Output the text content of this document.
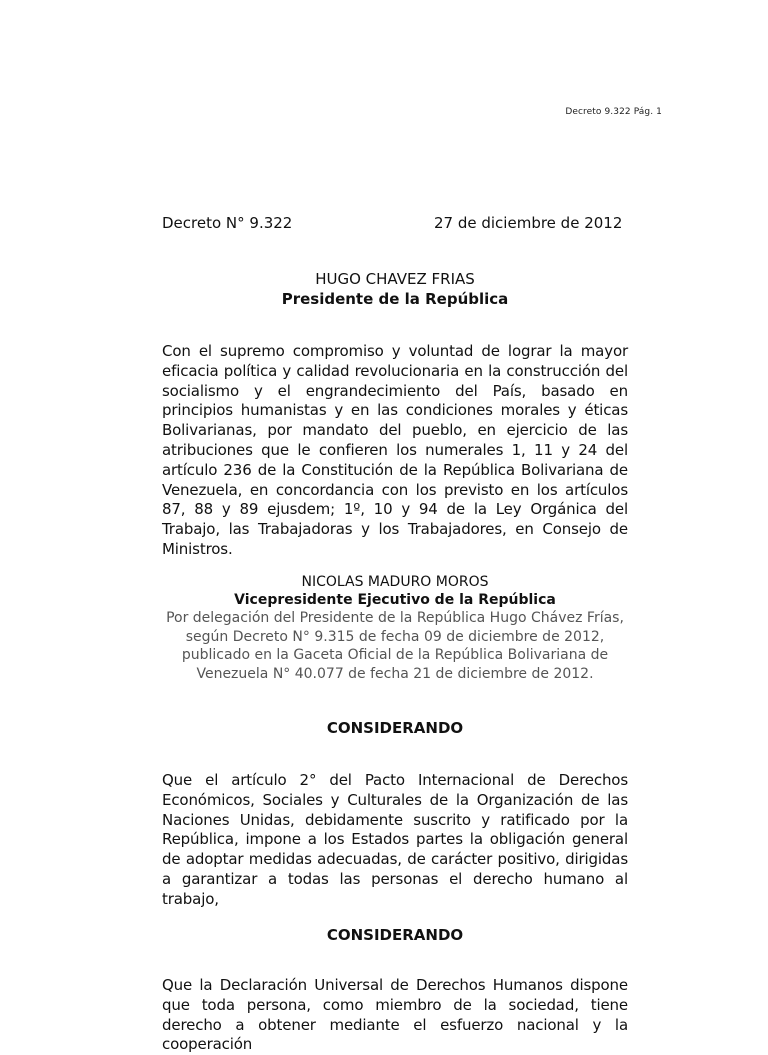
Decreto 9.322 Pág. 1
Decreto N° 9.322	27 de diciembre de 2012
HUGO CHAVEZ FRIAS
Presidente de la República
Con el supremo compromiso y voluntad de lograr la mayor eficacia política y calidad revolucionaria en la construcción del socialismo y el engrandecimiento del País, basado en principios humanistas y en las condiciones morales y éticas Bolivarianas, por mandato del pueblo, en ejercicio de las atribuciones que le confieren los numerales 1, 11 y 24 del artículo 236 de la Constitución de la República Bolivariana de Venezuela, en concordancia con los previsto en los artículos 87, 88 y 89 ejusdem; 1º, 10 y 94 de la Ley Orgánica del Trabajo, las Trabajadoras y los Trabajadores, en Consejo de Ministros.
NICOLAS MADURO MOROS
Vicepresidente Ejecutivo de la República
Por delegación del Presidente de la República Hugo Chávez Frías,
según Decreto N° 9.315 de fecha 09 de diciembre de 2012,
publicado en la Gaceta Oficial de la República Bolivariana de
Venezuela N° 40.077 de fecha 21 de diciembre de 2012.
CONSIDERANDO
Que el artículo 2° del Pacto Internacional de Derechos Económicos, Sociales y Culturales de la Organización de las Naciones Unidas, debidamente suscrito y ratificado por la República, impone a los Estados partes la obligación general de adoptar medidas adecuadas, de carácter positivo, dirigidas a garantizar a todas las personas el derecho humano al trabajo,
CONSIDERANDO
Que la Declaración Universal de Derechos Humanos dispone que toda persona, como miembro de la sociedad, tiene derecho a obtener mediante el esfuerzo nacional y la cooperación
